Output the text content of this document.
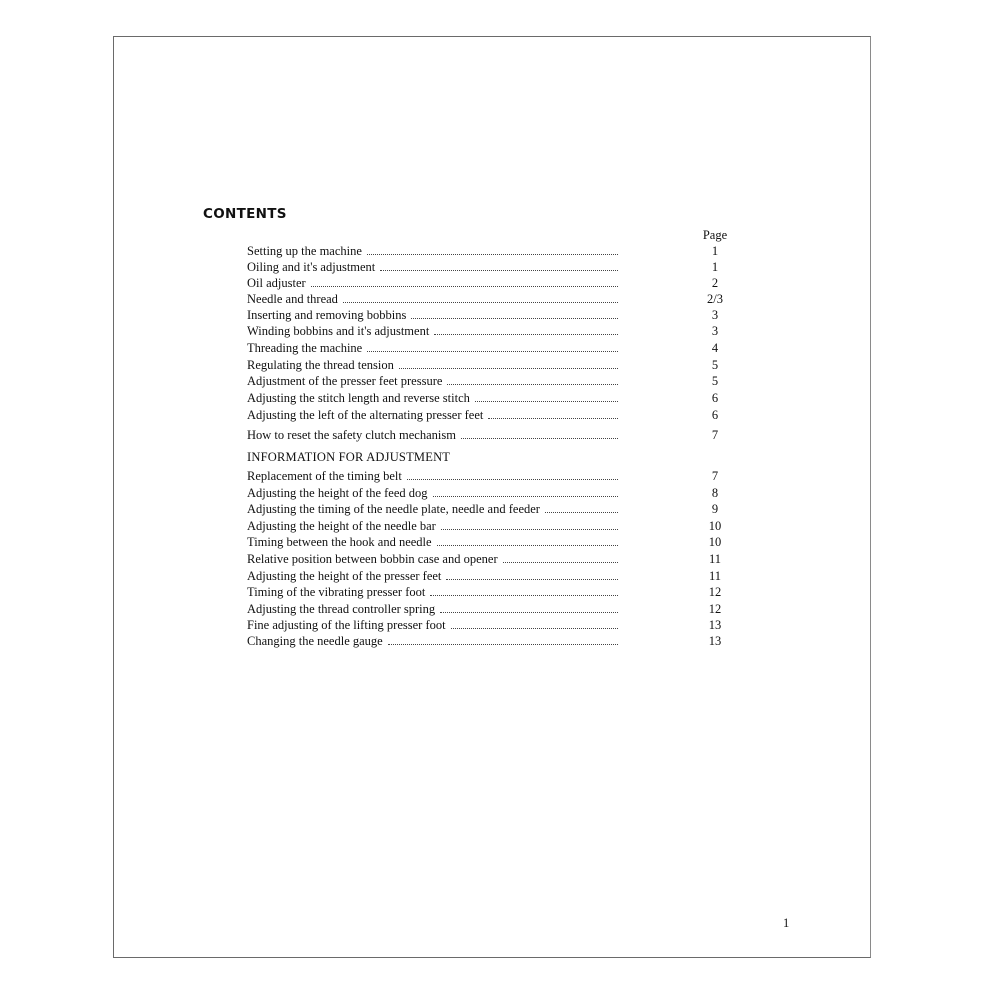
CONTENTS
Page
Setting up the machine	1
Oiling and it's adjustment	1
Oil adjuster	2
Needle and thread	2/3
Inserting and removing bobbins	3
Winding bobbins and it's adjustment	3
Threading the machine	4
Regulating the thread tension	5
Adjustment of the presser feet pressure	5
Adjusting the stitch length and reverse stitch	6
Adjusting the left of the alternating presser feet	6
How to reset the safety clutch mechanism	7
Replacement of the timing belt	7
Adjusting the height of the feed dog	8
Adjusting the timing of the needle plate, needle and feeder	9
Adjusting the height of the needle bar	10
Timing between the hook and needle	10
Relative position between bobbin case and opener	11
Adjusting the height of the presser feet	11
Timing of the vibrating presser foot	12
Adjusting the thread controller spring	12
Fine adjusting of the lifting presser foot	13
Changing the needle gauge	13
INFORMATION FOR ADJUSTMENT
1
